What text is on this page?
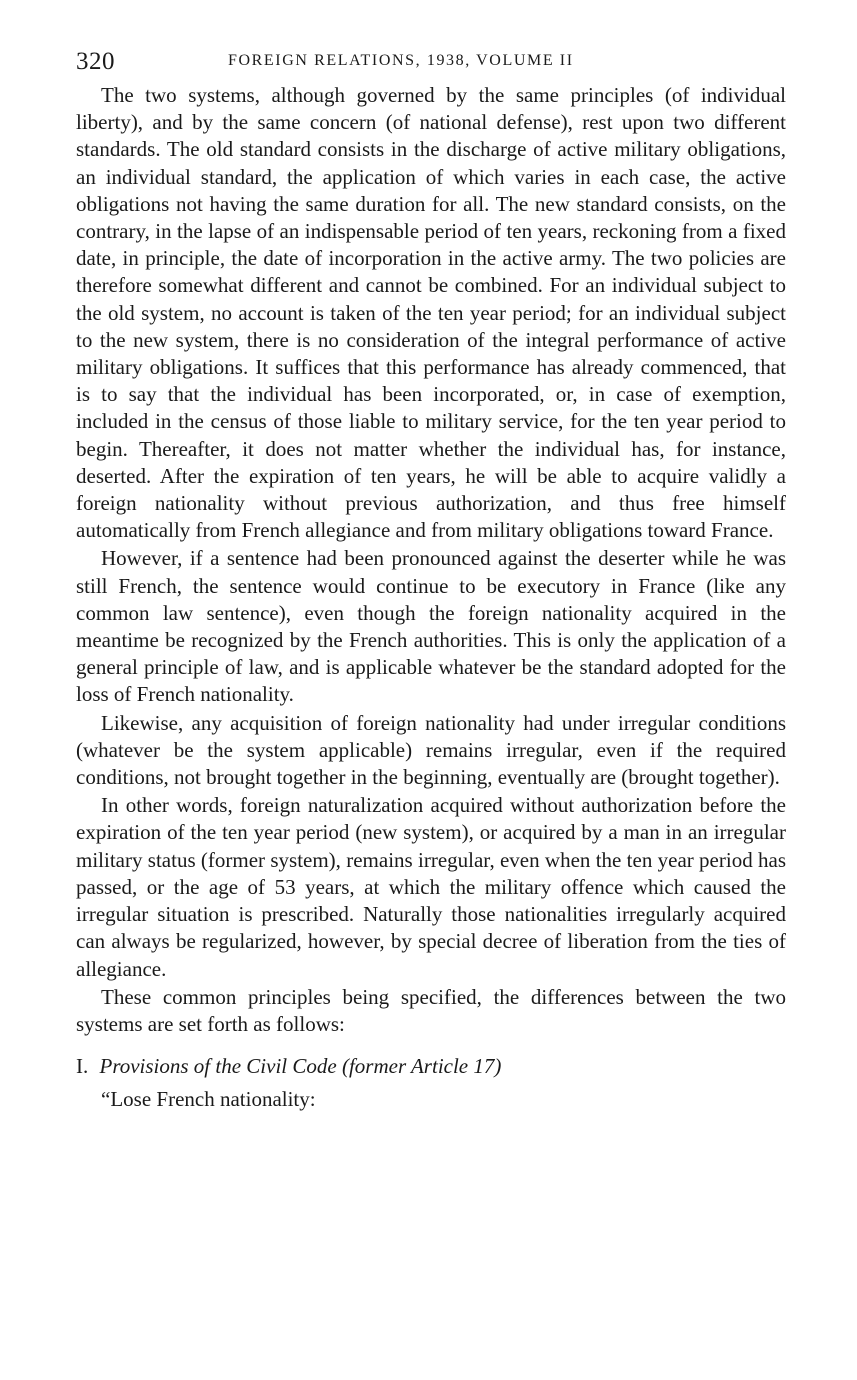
320	FOREIGN RELATIONS, 1938, VOLUME II

The two systems, although governed by the same principles (of individual liberty), and by the same concern (of national defense), rest upon two different standards. The old standard consists in the discharge of active military obligations, an individual standard, the application of which varies in each case, the active obligations not having the same duration for all. The new standard consists, on the contrary, in the lapse of an indispensable period of ten years, reckoning from a fixed date, in principle, the date of incorporation in the active army. The two policies are therefore somewhat different and cannot be combined. For an individual subject to the old system, no account is taken of the ten year period; for an individual subject to the new system, there is no consideration of the integral performance of active military obligations. It suffices that this performance has already commenced, that is to say that the individual has been incorporated, or, in case of exemption, included in the census of those liable to military service, for the ten year period to begin. Thereafter, it does not matter whether the individual has, for instance, deserted. After the expiration of ten years, he will be able to acquire validly a foreign nationality without previous authorization, and thus free himself automatically from French allegiance and from military obligations toward France.

However, if a sentence had been pronounced against the deserter while he was still French, the sentence would continue to be executory in France (like any common law sentence), even though the foreign nationality acquired in the meantime be recognized by the French authorities. This is only the application of a general principle of law, and is applicable whatever be the standard adopted for the loss of French nationality.

Likewise, any acquisition of foreign nationality had under irregular conditions (whatever be the system applicable) remains irregular, even if the required conditions, not brought together in the beginning, eventually are (brought together).

In other words, foreign naturalization acquired without authorization before the expiration of the ten year period (new system), or acquired by a man in an irregular military status (former system), remains irregular, even when the ten year period has passed, or the age of 53 years, at which the military offence which caused the irregular situation is prescribed. Naturally those nationalities irregularly acquired can always be regularized, however, by special decree of liberation from the ties of allegiance.

These common principles being specified, the differences between the two systems are set forth as follows:

I. Provisions of the Civil Code (former Article 17)
“Lose French nationality:
